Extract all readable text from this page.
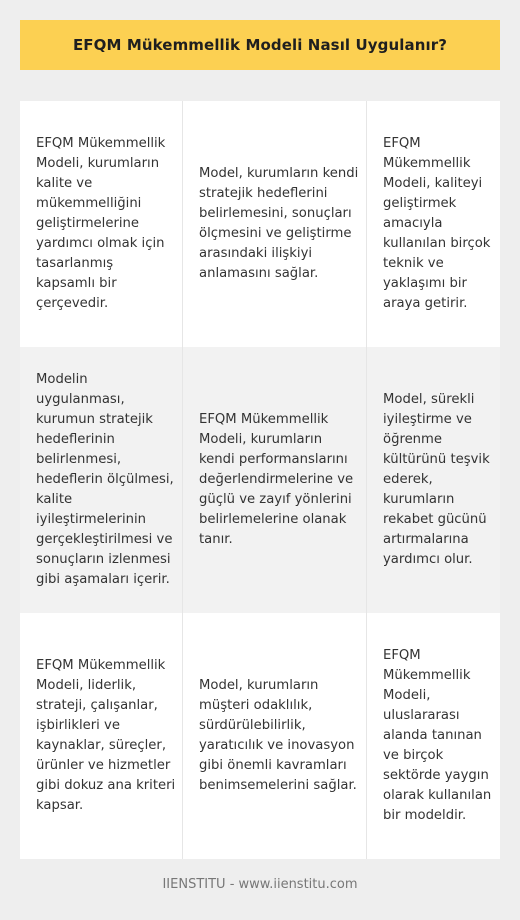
EFQM Mükemmellik Modeli Nasıl Uygulanır?
EFQM Mükemmellik Modeli, kurumların kalite ve mükemmelliğini geliştirmelerine yardımcı olmak için tasarlanmış kapsamlı bir çerçevedir.
Model, kurumların kendi stratejik hedeflerini belirlemesini, sonuçları ölçmesini ve geliştirme arasındaki ilişkiyi anlamasını sağlar.
EFQM Mükemmellik Modeli, kaliteyi geliştirmek amacıyla kullanılan birçok teknik ve yaklaşımı bir araya getirir.
Modelin uygulanması, kurumun stratejik hedeflerinin belirlenmesi, hedeflerin ölçülmesi, kalite iyileştirmelerinin gerçekleştirilmesi ve sonuçların izlenmesi gibi aşamaları içerir.
EFQM Mükemmellik Modeli, kurumların kendi performanslarını değerlendirmelerine ve güçlü ve zayıf yönlerini belirlemelerine olanak tanır.
Model, sürekli iyileştirme ve öğrenme kültürünü teşvik ederek, kurumların rekabet gücünü artırmalarına yardımcı olur.
EFQM Mükemmellik Modeli, liderlik, strateji, çalışanlar, işbirlikleri ve kaynaklar, süreçler, ürünler ve hizmetler gibi dokuz ana kriteri kapsar.
Model, kurumların müşteri odaklılık, sürdürülebilirlik, yaratıcılık ve inovasyon gibi önemli kavramları benimsemelerini sağlar.
EFQM Mükemmellik Modeli, uluslararası alanda tanınan ve birçok sektörde yaygın olarak kullanılan bir modeldir.
IIENSTITU - www.iienstitu.com
